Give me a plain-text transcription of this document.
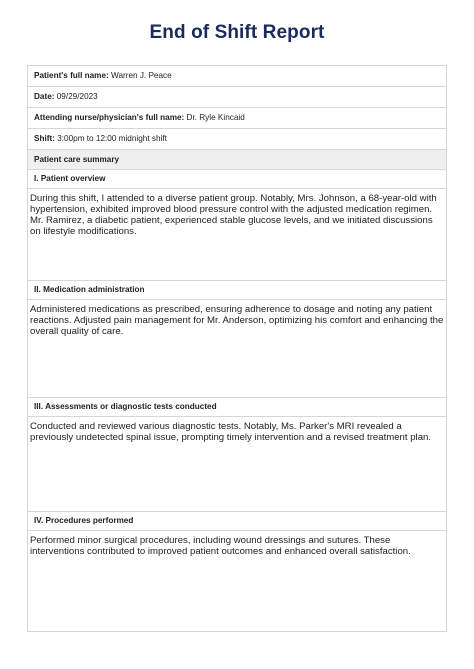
End of Shift Report
Patient's full name: Warren J. Peace
Date: 09/29/2023
Attending nurse/physician's full name: Dr. Ryle Kincaid
Shift: 3:00pm to 12:00 midnight shift
Patient care summary
I. Patient overview
During this shift, I attended to a diverse patient group. Notably, Mrs. Johnson, a 68-year-old with hypertension, exhibited improved blood pressure control with the adjusted medication regimen. Mr. Ramirez, a diabetic patient, experienced stable glucose levels, and we initiated discussions on lifestyle modifications.
II. Medication administration
Administered medications as prescribed, ensuring adherence to dosage and noting any patient reactions. Adjusted pain management for Mr. Anderson, optimizing his comfort and enhancing the overall quality of care.
III. Assessments or diagnostic tests conducted
Conducted and reviewed various diagnostic tests. Notably, Ms. Parker's MRI revealed a previously undetected spinal issue, prompting timely intervention and a revised treatment plan.
IV. Procedures performed
Performed minor surgical procedures, including wound dressings and sutures. These interventions contributed to improved patient outcomes and enhanced overall satisfaction.
